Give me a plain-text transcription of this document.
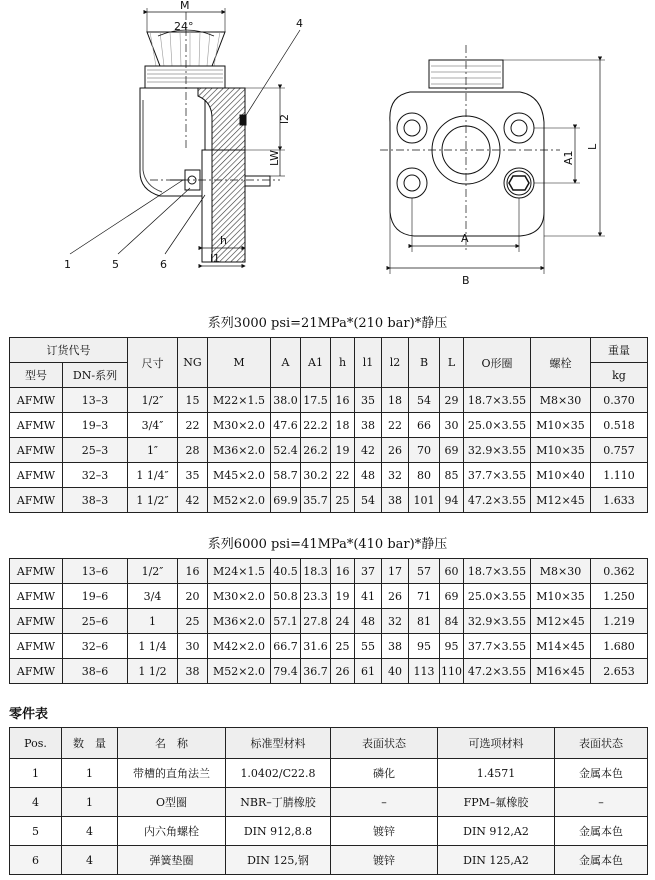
M
24°	4
l2
LW
h
l1
1	5	6
A
B
A1
L
系列3000 psi=21MPa*(210 bar)*静压
订货代号		尺寸	NG	M	A	A1	h	l1	l2	B	L	O形圈	螺栓	重量
型号	DN-系列													kg
AFMW	13–3	1/2″	15	M22×1.5	38.0	17.5	16	35	18	54	29	18.7×3.55	M8×30	0.370
AFMW	19–3	3/4″	22	M30×2.0	47.6	22.2	18	38	22	66	30	25.0×3.55	M10×35	0.518
AFMW	25–3	1″	28	M36×2.0	52.4	26.2	19	42	26	70	69	32.9×3.55	M10×35	0.757
AFMW	32–3	1 1/4″	35	M45×2.0	58.7	30.2	22	48	32	80	85	37.7×3.55	M10×40	1.110
AFMW	38–3	1 1/2″	42	M52×2.0	69.9	35.7	25	54	38	101	94	47.2×3.55	M12×45	1.633
系列6000 psi=41MPa*(410 bar)*静压
AFMW	13–6	1/2″	16	M24×1.5	40.5	18.3	16	37	17	57	60	18.7×3.55	M8×30	0.362
AFMW	19–6	3/4	20	M30×2.0	50.8	23.3	19	41	26	71	69	25.0×3.55	M10×35	1.250
AFMW	25–6	1	25	M36×2.0	57.1	27.8	24	48	32	81	84	32.9×3.55	M12×45	1.219
AFMW	32–6	1 1/4	30	M42×2.0	66.7	31.6	25	55	38	95	95	37.7×3.55	M14×45	1.680
AFMW	38–6	1 1/2	38	M52×2.0	79.4	36.7	26	61	40	113	110	47.2×3.55	M16×45	2.653
零件表
Pos.	数　量	名　称	标准型材料	表面状态	可选项材料	表面状态
1	1	带槽的直角法兰	1.0402/C22.8	磷化	1.4571	金属本色
4	1	O型圈	NBR–丁腈橡胶	–	FPM–氟橡胶	–
5	4	内六角螺栓	DIN 912,8.8	镀锌	DIN 912,A2	金属本色
6	4	弹簧垫圈	DIN 125,钢	镀锌	DIN 125,A2	金属本色
